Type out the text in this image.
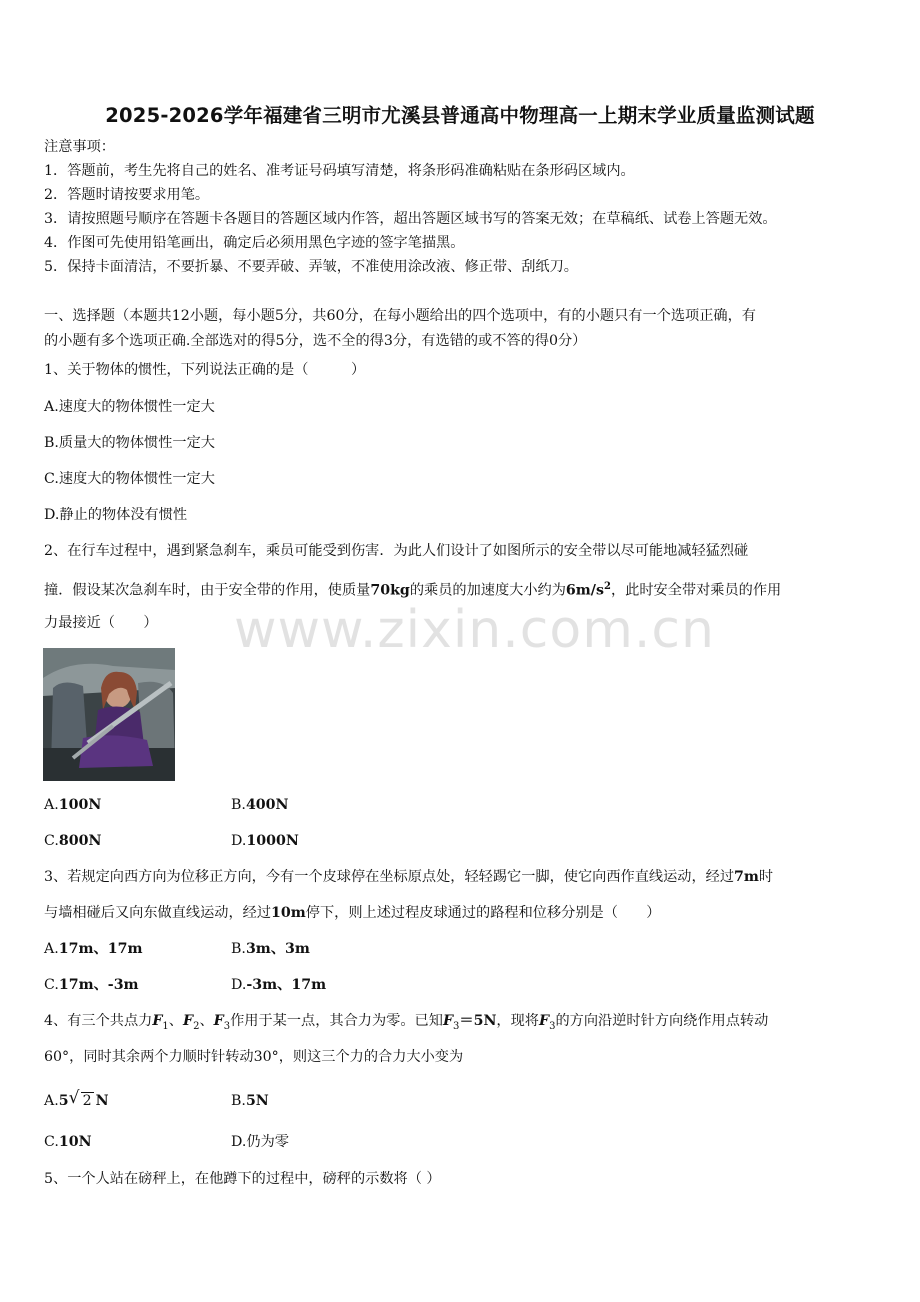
2025-2026学年福建省三明市尤溪县普通高中物理高一上期末学业质量监测试题
注意事项：
1．答题前，考生先将自己的姓名、准考证号码填写清楚，将条形码准确粘贴在条形码区域内。
2．答题时请按要求用笔。
3．请按照题号顺序在答题卡各题目的答题区域内作答，超出答题区域书写的答案无效；在草稿纸、试卷上答题无效。
4．作图可先使用铅笔画出，确定后必须用黑色字迹的签字笔描黑。
5．保持卡面清洁，不要折暴、不要弄破、弄皱，不准使用涂改液、修正带、刮纸刀。
一、选择题（本题共12小题，每小题5分，共60分，在每小题给出的四个选项中，有的小题只有一个选项正确，有
的小题有多个选项正确.全部选对的得5分，选不全的得3分，有选错的或不答的得0分）
1、关于物体的惯性，下列说法正确的是（　　　）
A.速度大的物体惯性一定大
B.质量大的物体惯性一定大
C.速度大的物体惯性一定大
D.静止的物体没有惯性
2、在行车过程中，遇到紧急刹车，乘员可能受到伤害．为此人们设计了如图所示的安全带以尽可能地减轻猛烈碰
撞．假设某次急刹车时，由于安全带的作用，使质量70kg的乘员的加速度大小约为$6m/s^2$，此时安全带对乘员的作用
力最接近（　　） www.zixin.com.cn
A.100N	B.400N
C.800N	D.1000N
3、若规定向西方向为位移正方向，今有一个皮球停在坐标原点处，轻轻踢它一脚，使它向西作直线运动，经过7m时
与墙相碰后又向东做直线运动，经过10m停下，则上述过程皮球通过的路程和位移分别是（　　）
A.17m、17m	B.3m、3m
C.17m、-3m	D.-3m、17m
4、有三个共点力$F_1$、$F_2$、$F_3$作用于某一点，其合力为零。已知$F_3=5N$，现将$F_3$的方向沿逆时针方向绕作用点转动
60°，同时其余两个力顺时针转动30°，则这三个力的合力大小变为
A.5 √ 2 N	B.5N
C.10N	D.仍为零
5、一个人站在磅秤上，在他蹲下的过程中，磅秤的示数将（ ）
